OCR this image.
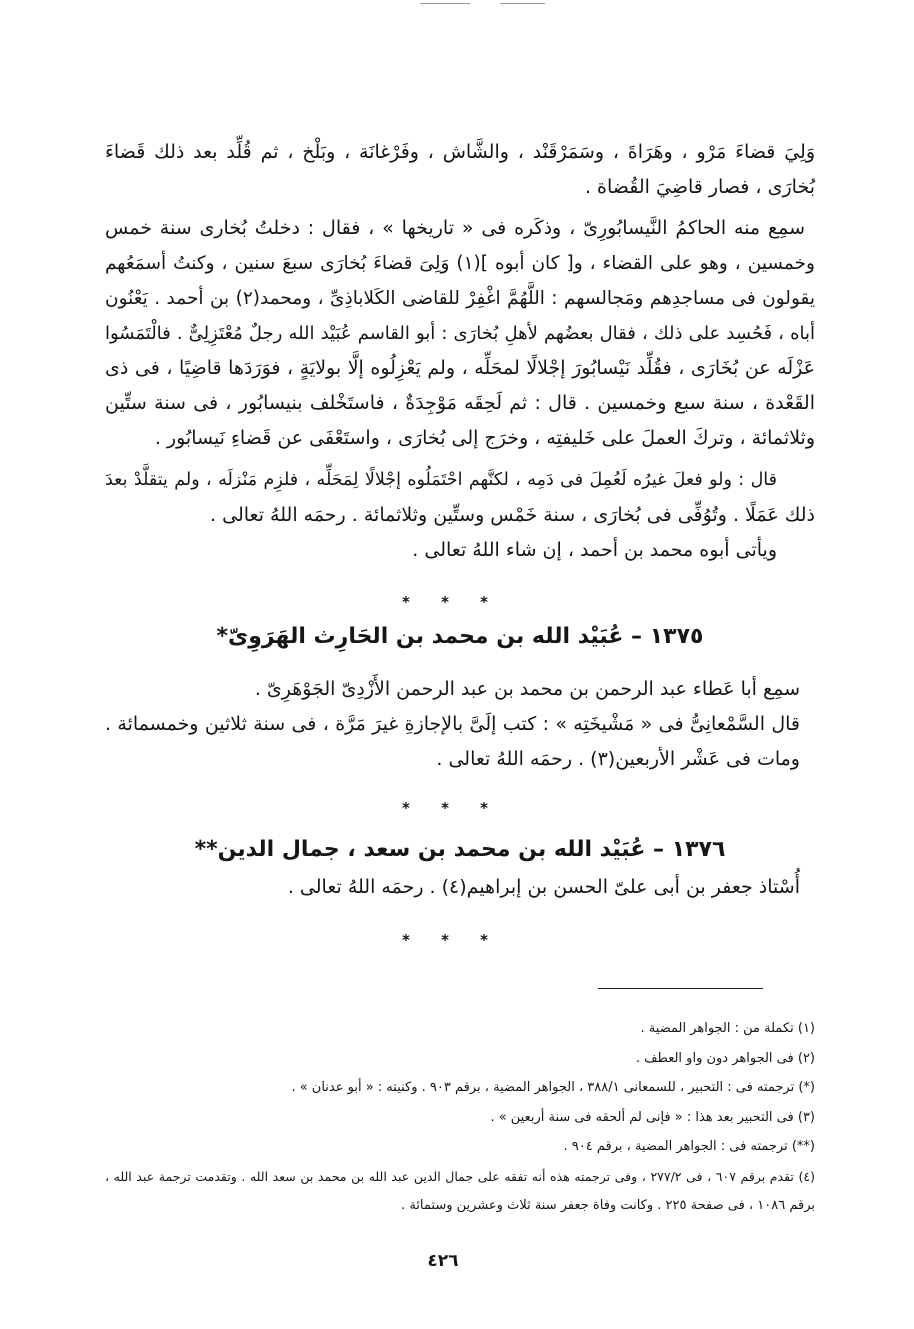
وَلِيَ قضاءَ مَرْو ، وهَرَاةَ ، وسَمَرْقَنْد ، والشَّاش ، وفَرْغانَة ، وبَلْخ ، ثم قُلِّد بعد ذلك قَضاءَ
بُخارَى ، فصار قاضِيَ القُضاة .
سمِع منه الحاكمُ النَّيسابُورِىّ ، وذكَره فى « تاريخها » ، فقال : دخلتُ بُخارى سنة خمس
وخمسين ، وهو على القضاء ، و[ كان أبوه ](١) وَلِىَ قضاءَ بُخارَى سبعَ سنين ، وكنتُ أسمَعُهم
يقولون فى مساجدِهم ومَجالسهم : اللَّهُمَّ اغْفِرْ للقاضى الكَلاباذِىِّ ، ومحمد(٢) بن أحمد . يَعْنُون
أباه ، فَحُسِد على ذلك ، فقال بعضُهم لأهلِ بُخارَى : أبو القاسم عُبَيْد الله رجلٌ مُعْتَزِلِىٌّ . فالْتَمَسُوا
عَزْلَه عن بُخَارَى ، فقُلِّد نَيْسابُورَ إجْلالًا لمحَلِّه ، ولم يَعْزِلُوه إلَّا بولايَةٍ ، فوَرَدَها قاضِيًا ، فى ذى
القَعْدة ، سنة سبع وخمسين . قال : ثم لَحِقَه مَوْجِدَةٌ ، فاستَخْلف بنيسابُور ، فى سنة ستِّين
وثلاثمائة ، وتركَ العملَ على خَليفتِه ، وخرَج إلى بُخارَى ، واستَعْفَى عن قَضاءِ نَيسابُور .
قال : ولو فعلَ غيرُه لَعُمِلَ فى دَمِه ، لكنَّهم احْتَمَلُوه إجْلالًا لِمَحَلِّه ، فلزِم مَنْزلَه ، ولم يتقلَّدْ بعدَ
ذلك عَمَلًا . وتُوُفِّى فى بُخارَى ، سنة خَمْس وستِّين وثلاثمائة . رحمَه اللهُ تعالى .
ويأتى أبوه محمد بن أحمد ، إن شاء اللهُ تعالى .
* * *
١٣٧٥ – عُبَيْد الله بن محمد بن الحَارِث الهَرَوِىّ*
سمِع أبا عَطاء عبد الرحمن بن محمد بن عبد الرحمن الأَزْدِىّ الجَوْهَرِىّ .
قال السَّمْعانِىُّ فى « مَشْيخَتِه » : كتب إلَىَّ بالإجازةِ غيرَ مَرَّة ، فى سنة ثلاثين وخمسمائة .
ومات فى عَشْر الأربعين(٣) . رحمَه اللهُ تعالى .
* * *
١٣٧٦ – عُبَيْد الله بن محمد بن سعد ، جمال الدين**
أُسْتاذ جعفر بن أبى علىّ الحسن بن إبراهيم(٤) . رحمَه اللهُ تعالى .
* * *
(١) تكملة من : الجواهر المضية .
(٢) فى الجواهر دون واو العطف .
(*) ترجمته فى : التحبير ، للسمعانى ٣٨٨/١ ، الجواهر المضية ، برقم ٩٠٣ . وكنيته : « أبو عدنان » .
(٣) فى التحبير بعد هذا : « فإنى لم ألحقه فى سنة أربعين » .
(**) ترجمته فى : الجواهر المضية ، برقم ٩٠٤ .
(٤) تقدم برقم ٦٠٧ ، فى ٢٧٧/٢ ، وفى ترجمته هذه أنه تفقه على جمال الدين عبد الله بن محمد بن سعد الله . وتقدمت ترجمة عبد الله ،
برقم ١٠٨٦ ، فى صفحة ٢٢٥ . وكانت وفاة جعفر سنة ثلاث وعشرين وستمائة .
٤٢٦
